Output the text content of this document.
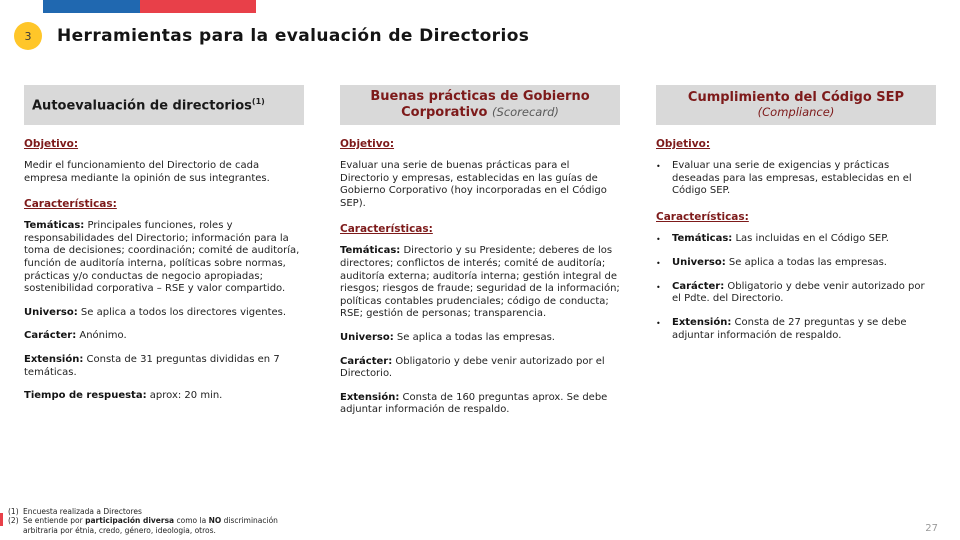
3	Herramientas para la evaluación de Directorios
Autoevaluación de directorios$^{(1)}$
Objetivo:

Medir el funcionamiento del Directorio de cada empresa mediante la opinión de sus integrantes.

Características:

Temáticas: Principales funciones, roles y responsabilidades del Directorio; información para la toma de decisiones; coordinación; comité de auditoría, función de auditoría interna, políticas sobre normas, prácticas y/o conductas de negocio apropiadas; sostenibilidad corporativa – RSE y valor compartido.

Universo: Se aplica a todos los directores vigentes.

Carácter: Anónimo.

Extensión: Consta de 31 preguntas divididas en 7 temáticas.

Tiempo de respuesta: aprox: 20 min.

Buenas prácticas de Gobierno Corporativo (Scorecard)
Objetivo:

Evaluar una serie de buenas prácticas para el Directorio y empresas, establecidas en las guías de Gobierno Corporativo (hoy incorporadas en el Código SEP).

Características:

Temáticas: Directorio y su Presidente; deberes de los directores; conflictos de interés; comité de auditoría; auditoría externa; auditoría interna; gestión integral de riesgos; riesgos de fraude; seguridad de la información; políticas contables prudenciales; código de conducta; RSE; gestión de personas; transparencia.

Universo: Se aplica a todas las empresas.

Carácter: Obligatorio y debe venir autorizado por el Directorio.

Extensión: Consta de 160 preguntas aprox. Se debe adjuntar información de respaldo.

Cumplimiento del Código SEP
(Compliance)
Objetivo:
•	Evaluar una serie de exigencias y prácticas deseadas para las empresas, establecidas en el Código SEP.
Características:
•	Temáticas: Las incluidas en el Código SEP.
•	Universo: Se aplica a todas las empresas.
•	Carácter: Obligatorio y debe venir autorizado por el Pdte. del Directorio.
•	Extensión: Consta de 27 preguntas y se debe adjuntar información de respaldo.
(1) Encuesta realizada a Directores
(2) Se entiende por participación diversa como la NO discriminación arbitraria por étnia, credo, género, ideologia, otros.	27
